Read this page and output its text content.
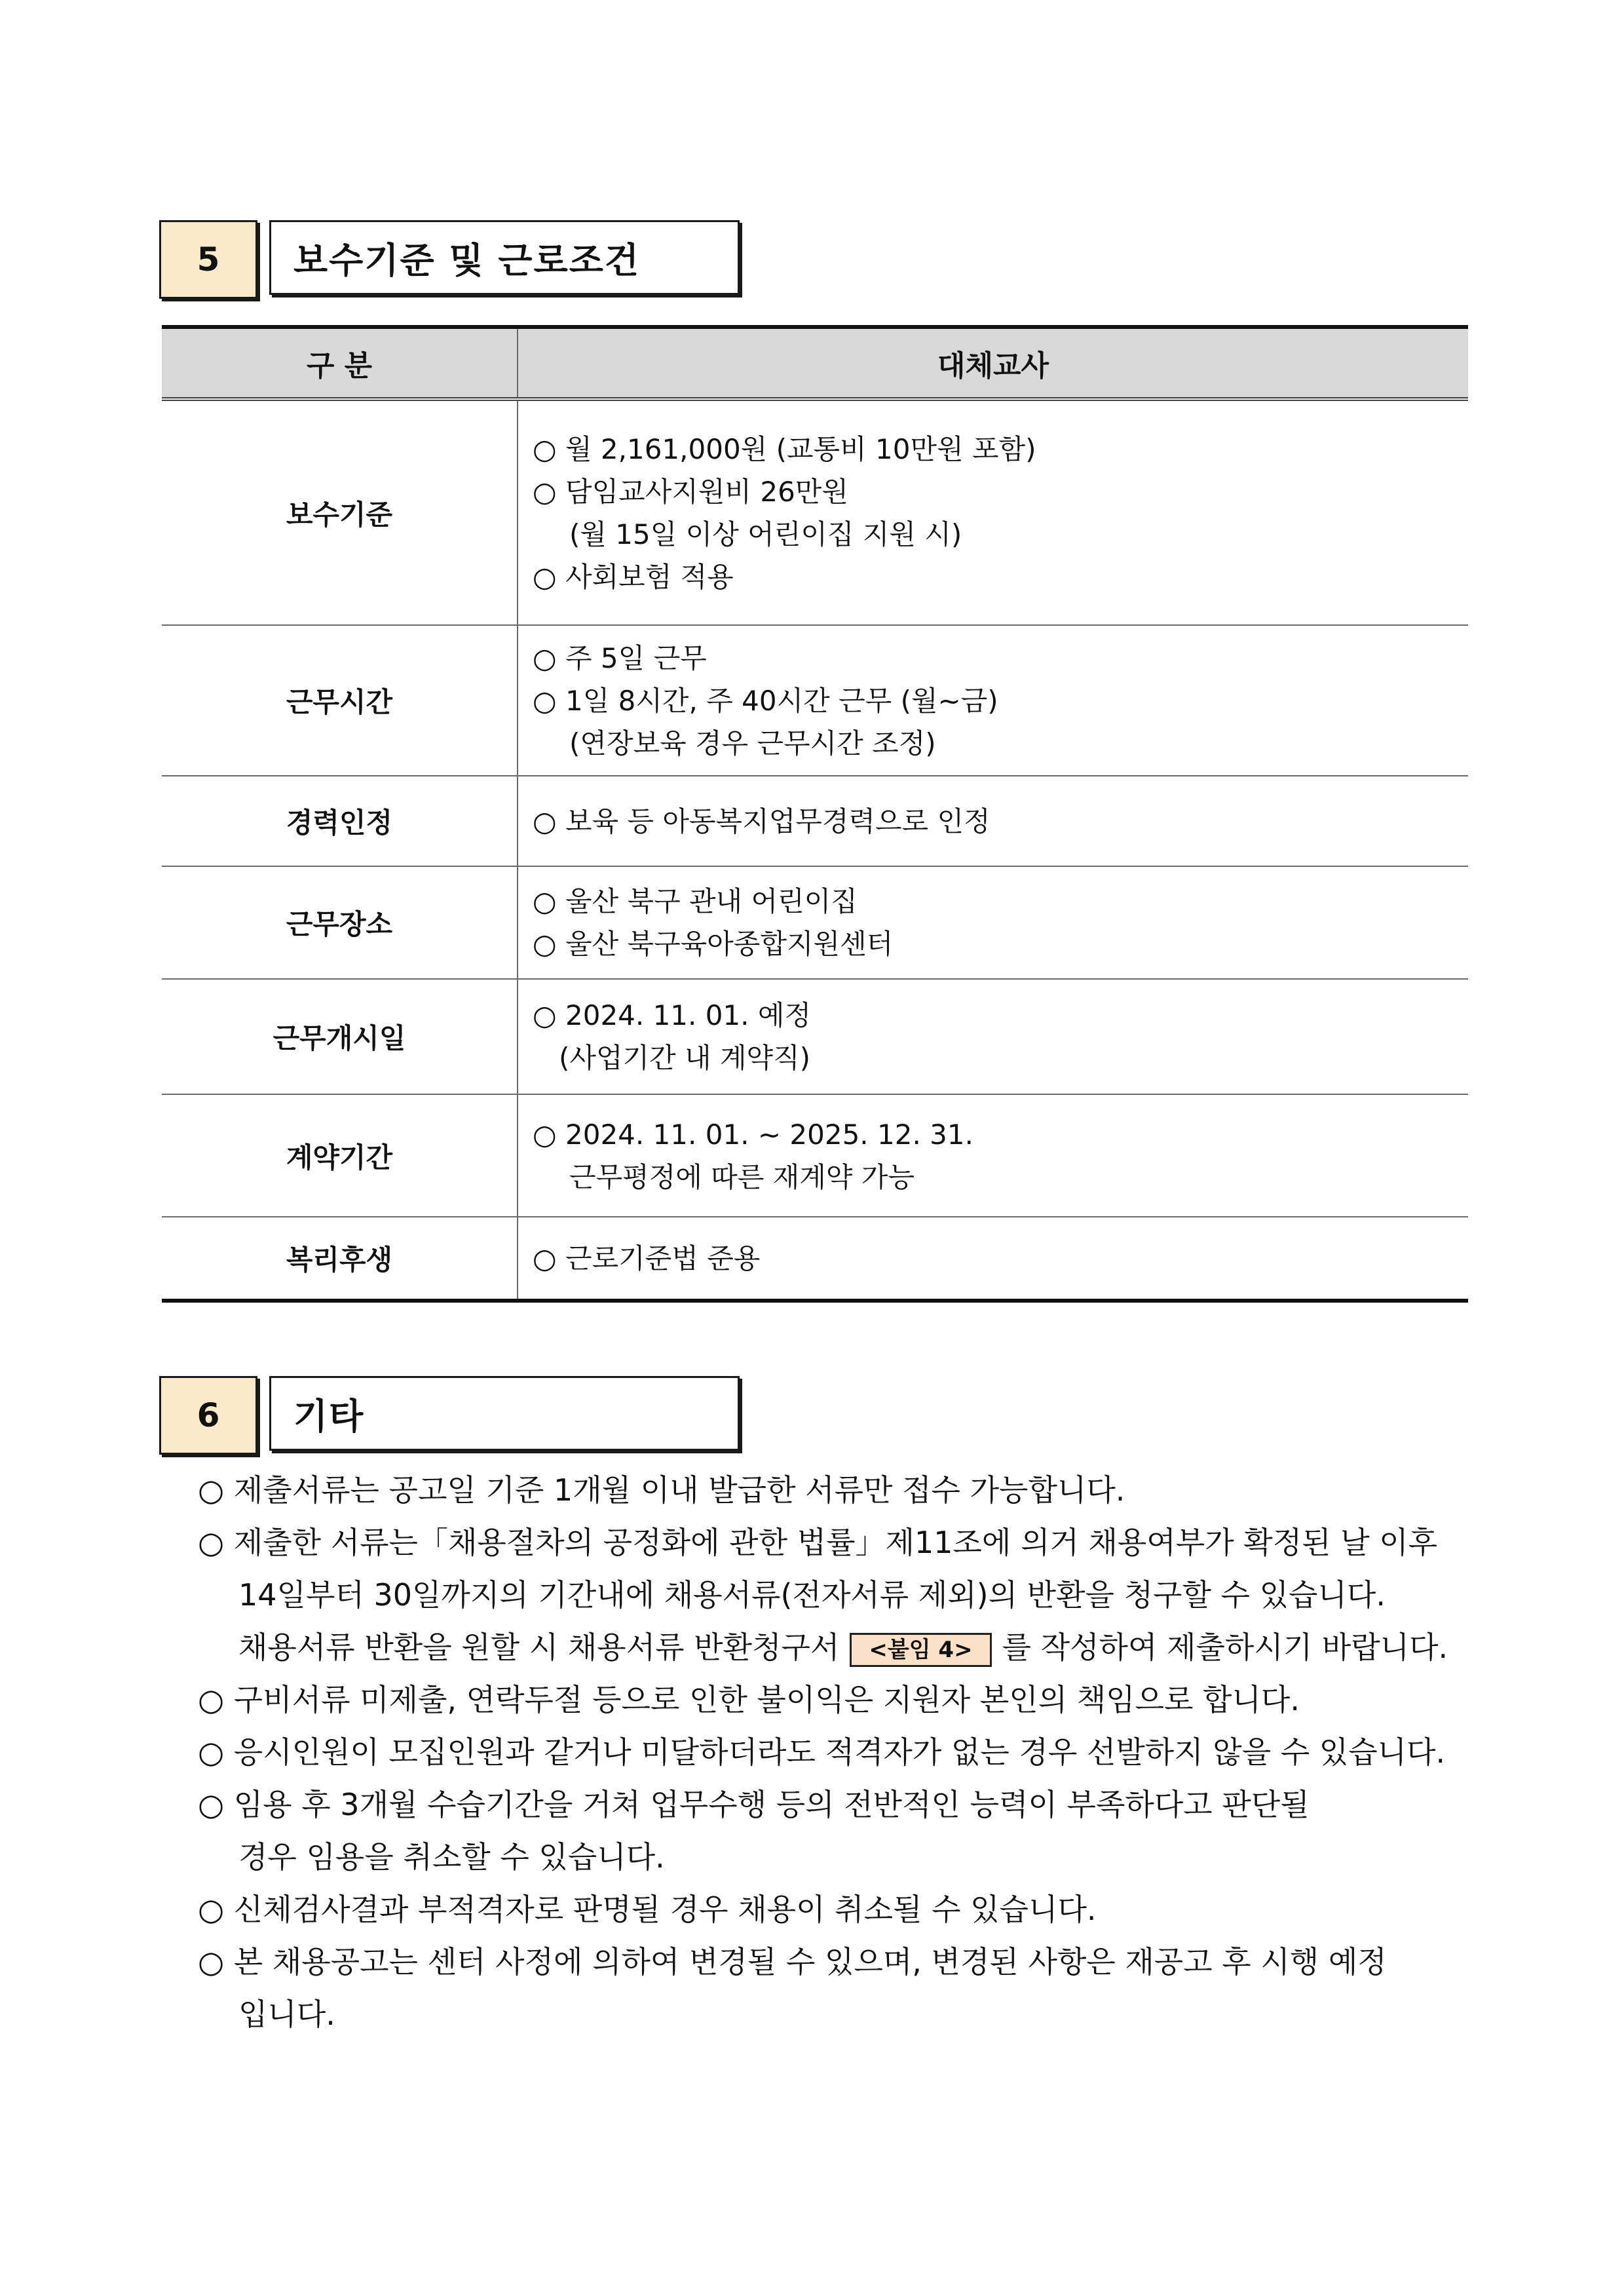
5	보수기준 및 근로조건
구 분	대체교사
보수기준	○ 월 2,161,000원 (교통비 10만원 포함)
○ 담임교사지원비 26만원
(월 15일 이상 어린이집 지원 시)
○ 사회보험 적용

근무시간	○ 주 5일 근무
○ 1일 8시간, 주 40시간 근무 (월~금)
(연장보육 경우 근무시간 조정)

경력인정	○ 보육 등 아동복지업무경력으로 인정

근무장소	○ 울산 북구 관내 어린이집
○ 울산 북구육아종합지원센터

근무개시일	○ 2024. 11. 01. 예정
(사업기간 내 계약직)

계약기간	○ 2024. 11. 01. ~ 2025. 12. 31.
근무평정에 따른 재계약 가능

복리후생	○ 근로기준법 준용
6	기타
○ 제출서류는 공고일 기준 1개월 이내 발급한 서류만 접수 가능합니다.
○ 제출한 서류는「채용절차의 공정화에 관한 법률」제11조에 의거 채용여부가 확정된 날 이후
14일부터 30일까지의 기간내에 채용서류(전자서류 제외)의 반환을 청구할 수 있습니다.
채용서류 반환을 원할 시 채용서류 반환청구서 <붙임 4> 를 작성하여 제출하시기 바랍니다.
○ 구비서류 미제출, 연락두절 등으로 인한 불이익은 지원자 본인의 책임으로 합니다.
○ 응시인원이 모집인원과 같거나 미달하더라도 적격자가 없는 경우 선발하지 않을 수 있습니다.
○ 임용 후 3개월 수습기간을 거쳐 업무수행 등의 전반적인 능력이 부족하다고 판단될
경우 임용을 취소할 수 있습니다.
○ 신체검사결과 부적격자로 판명될 경우 채용이 취소될 수 있습니다.
○ 본 채용공고는 센터 사정에 의하여 변경될 수 있으며, 변경된 사항은 재공고 후 시행 예정
입니다.
